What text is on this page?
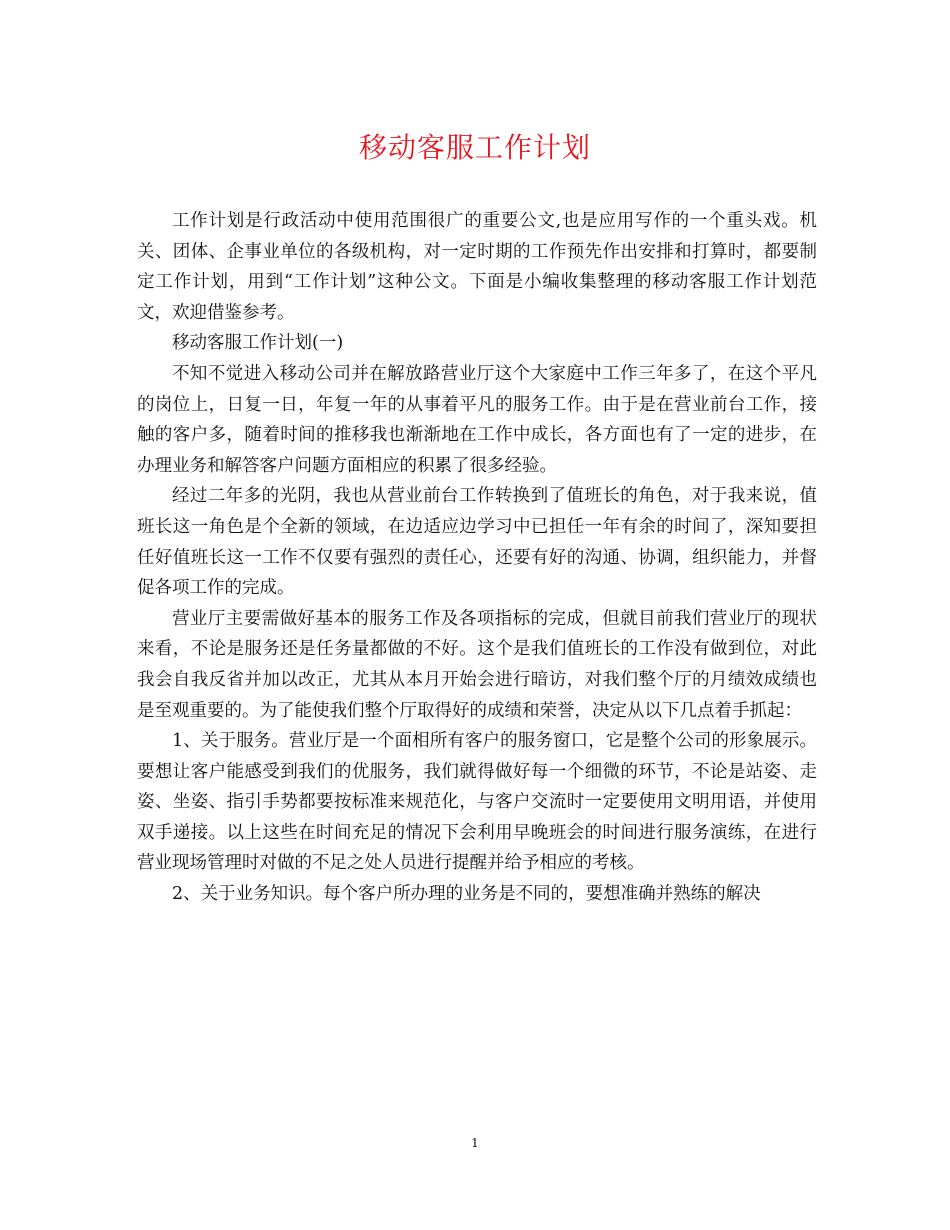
移动客服工作计划

工作计划是行政活动中使用范围很广的重要公文,也是应用写作的一个重头戏。机关、团体、企事业单位的各级机构，对一定时期的工作预先作出安排和打算时，都要制定工作计划，用到“工作计划”这种公文。下面是小编收集整理的移动客服工作计划范文，欢迎借鉴参考。

移动客服工作计划(一)

不知不觉进入移动公司并在解放路营业厅这个大家庭中工作三年多了，在这个平凡的岗位上，日复一日，年复一年的从事着平凡的服务工作。由于是在营业前台工作，接触的客户多，随着时间的推移我也渐渐地在工作中成长，各方面也有了一定的进步，在办理业务和解答客户问题方面相应的积累了很多经验。

经过二年多的光阴，我也从营业前台工作转换到了值班长的角色，对于我来说，值班长这一角色是个全新的领域，在边适应边学习中已担任一年有余的时间了，深知要担任好值班长这一工作不仅要有强烈的责任心，还要有好的沟通、协调，组织能力，并督促各项工作的完成。

营业厅主要需做好基本的服务工作及各项指标的完成，但就目前我们营业厅的现状来看，不论是服务还是任务量都做的不好。这个是我们值班长的工作没有做到位，对此我会自我反省并加以改正，尤其从本月开始会进行暗访，对我们整个厅的月绩效成绩也是至观重要的。为了能使我们整个厅取得好的成绩和荣誉，决定从以下几点着手抓起：

1、关于服务。营业厅是一个面相所有客户的服务窗口，它是整个公司的形象展示。要想让客户能感受到我们的优服务，我们就得做好每一个细微的环节，不论是站姿、走姿、坐姿、指引手势都要按标准来规范化，与客户交流时一定要使用文明用语，并使用双手递接。以上这些在时间充足的情况下会利用早晚班会的时间进行服务演练，在进行营业现场管理时对做的不足之处人员进行提醒并给予相应的考核。

2、关于业务知识。每个客户所办理的业务是不同的，要想准确并熟练的解决

1
